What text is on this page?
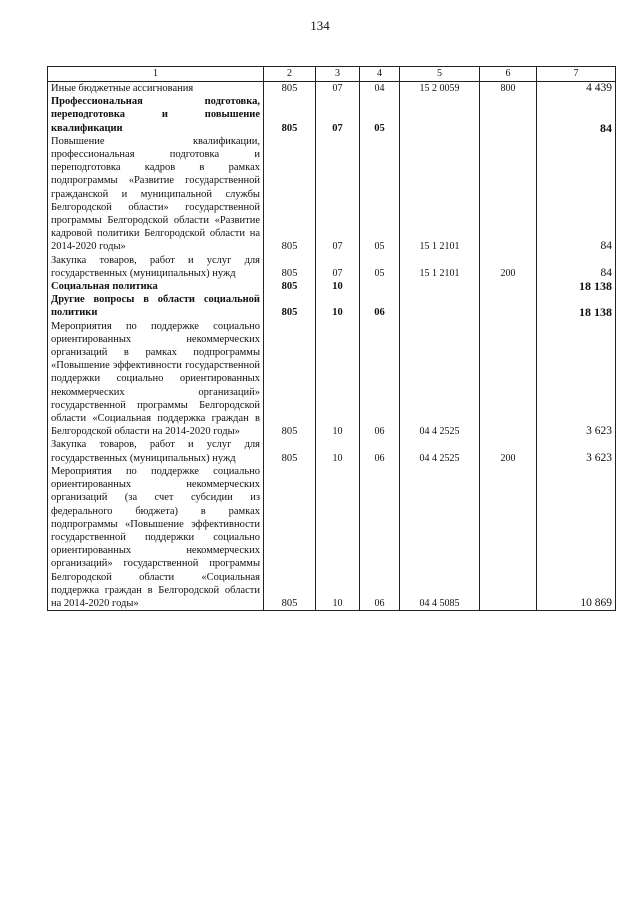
134
1	2	3	4	5	6	7
Иные бюджетные ассигнования	805	07	04	15 2 0059	800	4 439
Профессиональная подготовка, переподготовка и повышение квалификации	805	07	05			84
Повышение квалификации, профессиональная подготовка и переподготовка кадров в рамках подпрограммы «Развитие государственной гражданской и муниципальной службы Белгородской области» государственной программы Белгородской области «Развитие кадровой политики Белгородской области на 2014-2020 годы»	805	07	05	15 1 2101		84
Закупка товаров, работ и услуг для государственных (муниципальных) нужд	805	07	05	15 1 2101	200	84
Социальная политика	805	10				18 138
Другие вопросы в области социальной политики	805	10	06			18 138
Мероприятия по поддержке социально ориентированных некоммерческих организаций в рамках подпрограммы «Повышение эффективности государственной поддержки социально ориентированных некоммерческих организаций» государственной программы Белгородской области «Социальная поддержка граждан в Белгородской области на 2014-2020 годы»	805	10	06	04 4 2525		3 623
Закупка товаров, работ и услуг для государственных (муниципальных) нужд	805	10	06	04 4 2525	200	3 623
Мероприятия по поддержке социально ориентированных некоммерческих организаций (за счет субсидии из федерального бюджета) в рамках подпрограммы «Повышение эффективности государственной поддержки социально ориентированных некоммерческих организаций» государственной программы Белгородской области «Социальная поддержка граждан в Белгородской области на 2014-2020 годы»	805	10	06	04 4 5085		10 869
